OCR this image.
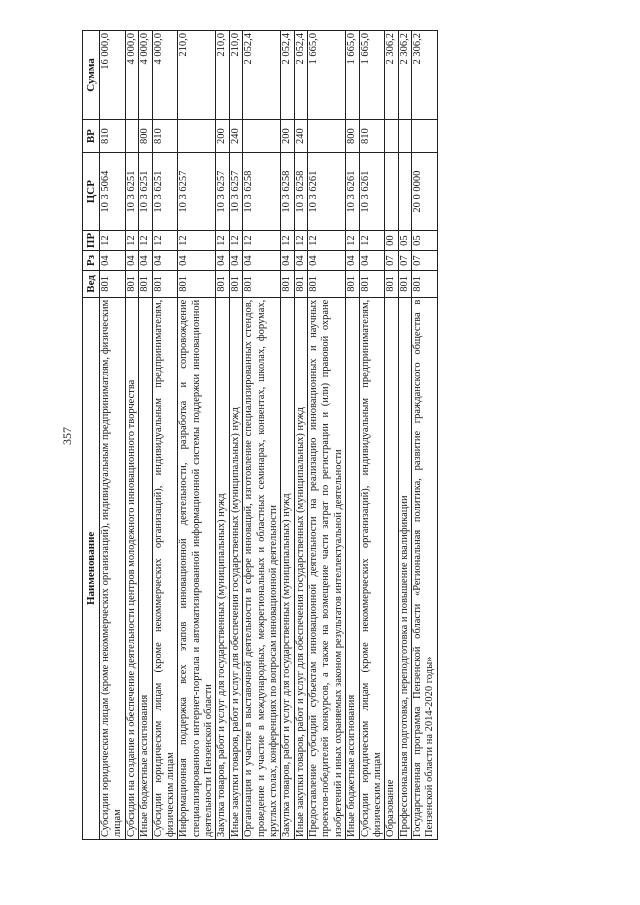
357
Наименование	Вед	Рз	ПР	ЦСР	ВР	Сумма
Субсидии юридическим лицам (кроме некоммерческих организаций), индивидуальным предприниматлям, физическим лицам	801	04	12	10 3 5064	810	16 000,0
Субсидии на создание и обеспечение деятельности центров молодежного инновационного творчества	801	04	12	10 3 6251		4 000,0
Иные бюджетные ассигнования	801	04	12	10 3 6251	800	4 000,0
Субсидии юридическим лицам (кроме некоммерческих организаций), индивидуальным предпринимателям, физическим лицам	801	04	12	10 3 6251	810	4 000,0
Информационная поддержка всех этапов инновационной деятельности, разработка и сопровождение специализированного интернет-портала и автоматизированной информационной системы поддержки инновационной деятельности Пензенской области	801	04	12	10 3 6257		210,0
Закупка товаров, работ и услуг для государственных (муниципальных) нужд	801	04	12	10 3 6257	200	210,0
Иные закупки товаров, работ и услуг для обеспечения государственных (муниципальных) нужд	801	04	12	10 3 6257	240	210,0
Организация и участие в выставочной деятельности в сфере инноваций, изготовление специализированных стендов, проведение и участие в международных, межрегиональных и областных семинарах, конвентах, школах, форумах, круглых столах, конференциях по вопросам инновационной деятельности	801	04	12	10 3 6258		2 052,4
Закупка товаров, работ и услуг для государственных (муниципальных) нужд	801	04	12	10 3 6258	200	2 052,4
Иные закупки товаров, работ и услуг для обеспечения государственных (муниципальных) нужд	801	04	12	10 3 6258	240	2 052,4
Предоставление субсидий субъектам инновационной деятельности на реализацию инновационных и научных проектов-победителей конкурсов, а также на возмещение части затрат по регистрации и (или) правовой охране изобретений и иных охраняемых законом результатов интеллектуальной деятельности	801	04	12	10 3 6261		1 665,0
Иные бюджетные ассигнования	801	04	12	10 3 6261	800	1 665,0
Субсидии юридическим лицам (кроме некоммерческих организаций), индивидуальным предпринимателям, физическим лицам	801	04	12	10 3 6261	810	1 665,0
Образование	801	07	00			2 306,2
Профессиональная подготовка, переподготовка и повышение квалификации	801	07	05			2 306,2
Государственная программа Пензенской области «Региональная политика, развитие гражданского общества в Пензенской области на 2014-2020 годы»	801	07	05	20 0 0000		2 306,2
